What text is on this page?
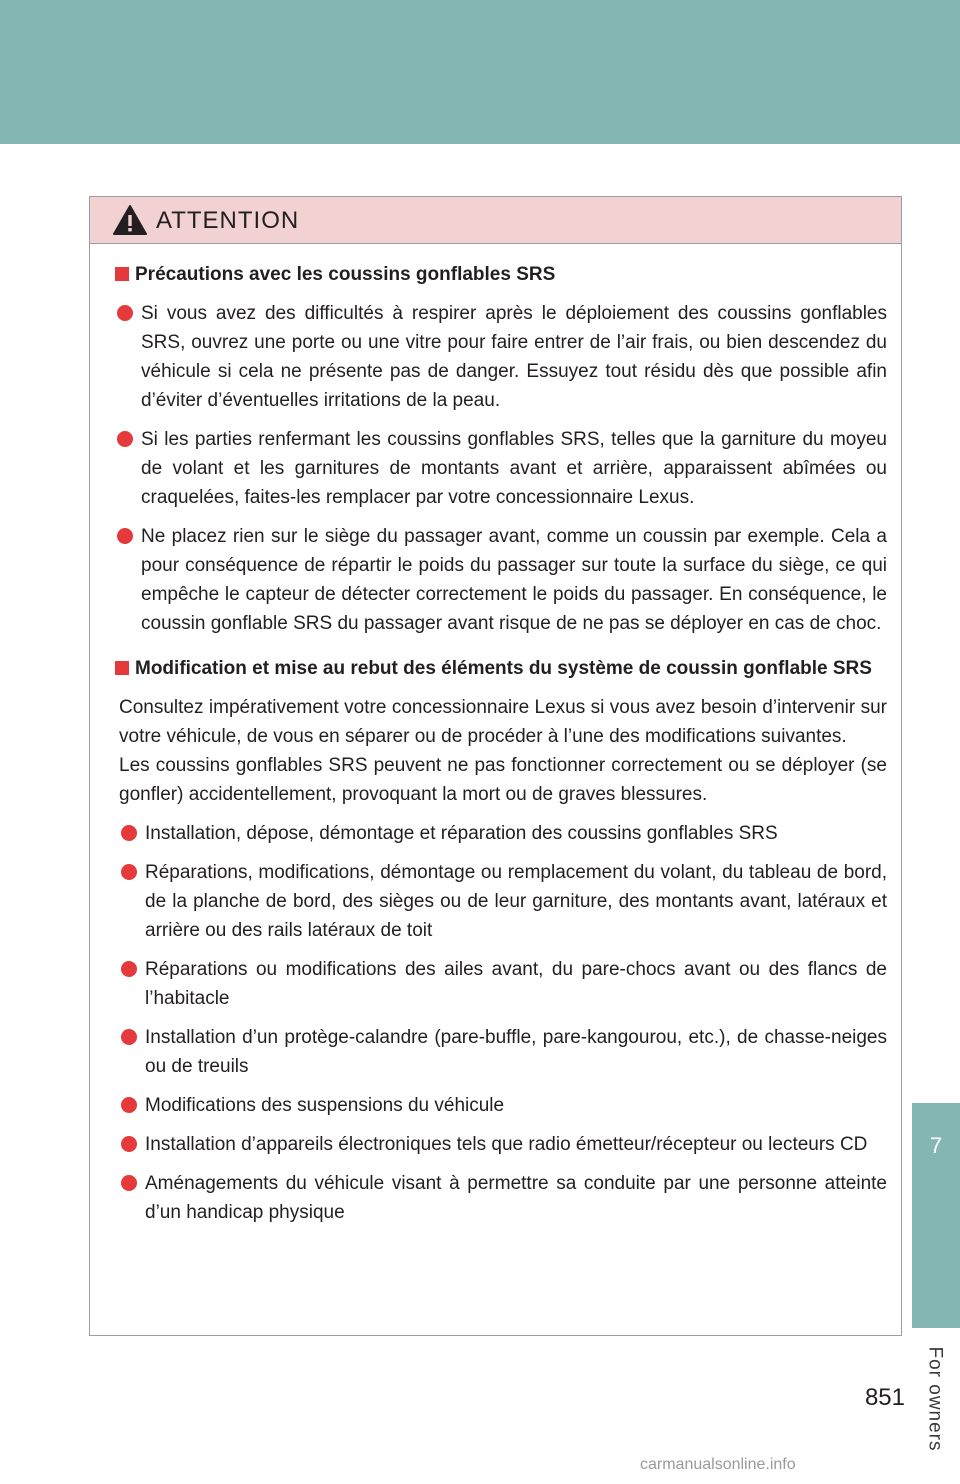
ATTENTION
Précautions avec les coussins gonflables SRS
Si vous avez des difficultés à respirer après le déploiement des coussins gonflables SRS, ouvrez une porte ou une vitre pour faire entrer de l’air frais, ou bien descendez du véhicule si cela ne présente pas de danger. Essuyez tout résidu dès que possible afin d’éviter d’éventuelles irritations de la peau.
Si les parties renfermant les coussins gonflables SRS, telles que la garniture du moyeu de volant et les garnitures de montants avant et arrière, apparaissent abîmées ou craquelées, faites-les remplacer par votre concessionnaire Lexus.
Ne placez rien sur le siège du passager avant, comme un coussin par exemple. Cela a pour conséquence de répartir le poids du passager sur toute la surface du siège, ce qui empêche le capteur de détecter correctement le poids du passager. En conséquence, le coussin gonflable SRS du passager avant risque de ne pas se déployer en cas de choc.
Modification et mise au rebut des éléments du système de coussin gonflable SRS
Consultez impérativement votre concessionnaire Lexus si vous avez besoin d’intervenir sur votre véhicule, de vous en séparer ou de procéder à l’une des modifications suivantes.
Les coussins gonflables SRS peuvent ne pas fonctionner correctement ou se déployer (se gonfler) accidentellement, provoquant la mort ou de graves blessures.
Installation, dépose, démontage et réparation des coussins gonflables SRS
Réparations, modifications, démontage ou remplacement du volant, du tableau de bord, de la planche de bord, des sièges ou de leur garniture, des montants avant, latéraux et arrière ou des rails latéraux de toit
Réparations ou modifications des ailes avant, du pare-chocs avant ou des flancs de l’habitacle
Installation d’un protège-calandre (pare-buffle, pare-kangourou, etc.), de chasse-neiges ou de treuils
Modifications des suspensions du véhicule
Installation d’appareils électroniques tels que radio émetteur/récepteur ou lecteurs CD
Aménagements du véhicule visant à permettre sa conduite par une personne atteinte d’un handicap physique
7
For owners
851
carmanualsonline.info
